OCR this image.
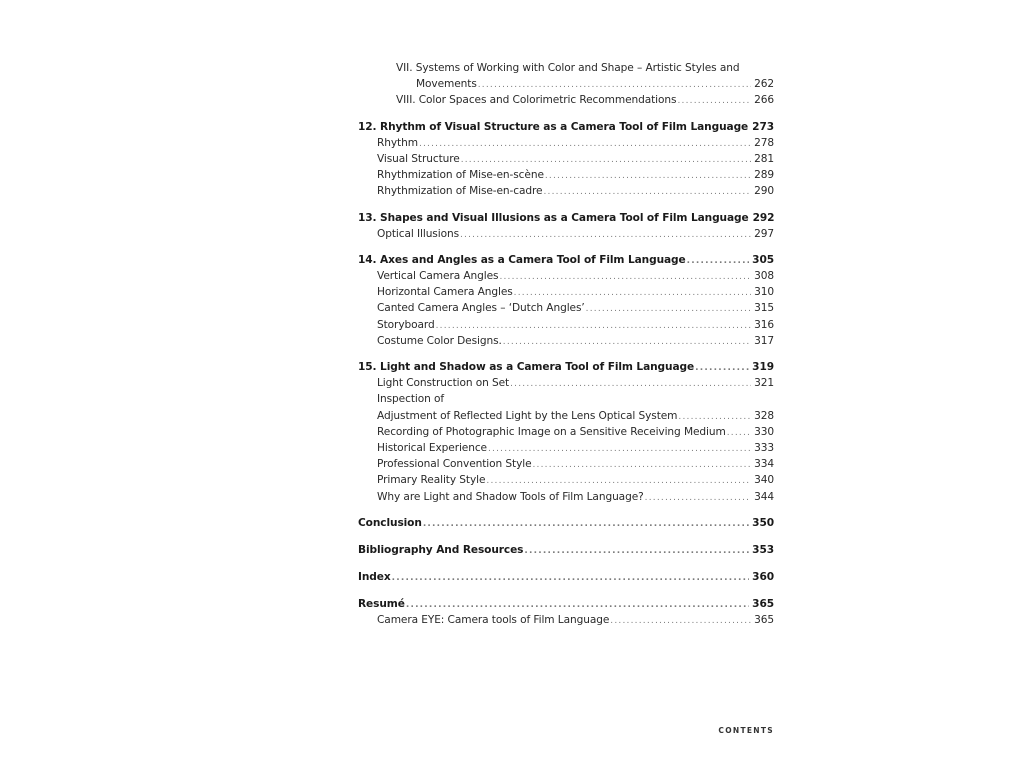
VII. Systems of Working with Color and Shape – Artistic Styles and
Movements .....	262
VIII. Color Spaces and Colorimetric Recommendations .....	266
12. Rhythm of Visual Structure as a Camera Tool of Film Language ..... 273
Rhythm .....	278
Visual Structure .....	281
Rhythmization of Mise-en-scène .....	289
Rhythmization of Mise-en-cadre .....	290
13. Shapes and Visual Illusions as a Camera Tool of Film Language 292
Optical Illusions .....	297
14. Axes and Angles as a Camera Tool of Film Language .....	305
Vertical Camera Angles .....	308
Horizontal Camera Angles .....	310
Canted Camera Angles – ‘Dutch Angles’ .....	315
Storyboard .....	316
Costume Color Designs. .....	317
15. Light and Shadow as a Camera Tool of Film Language .....	319
Light Construction on Set .....	321
Inspection of
Adjustment of Reflected Light by the Lens Optical System .....	328
Recording of Photographic Image on a Sensitive Receiving Medium .....	330
Historical Experience .....	333
Professional Convention Style .....	334
Primary Reality Style .....	340
Why are Light and Shadow Tools of Film Language? .....	344
Conclusion .....	350
Bibliography And Resources .....	353
Index .....	360
Resumé .....	365
Camera EYE: Camera tools of Film Language .....	365
CONTENTS
